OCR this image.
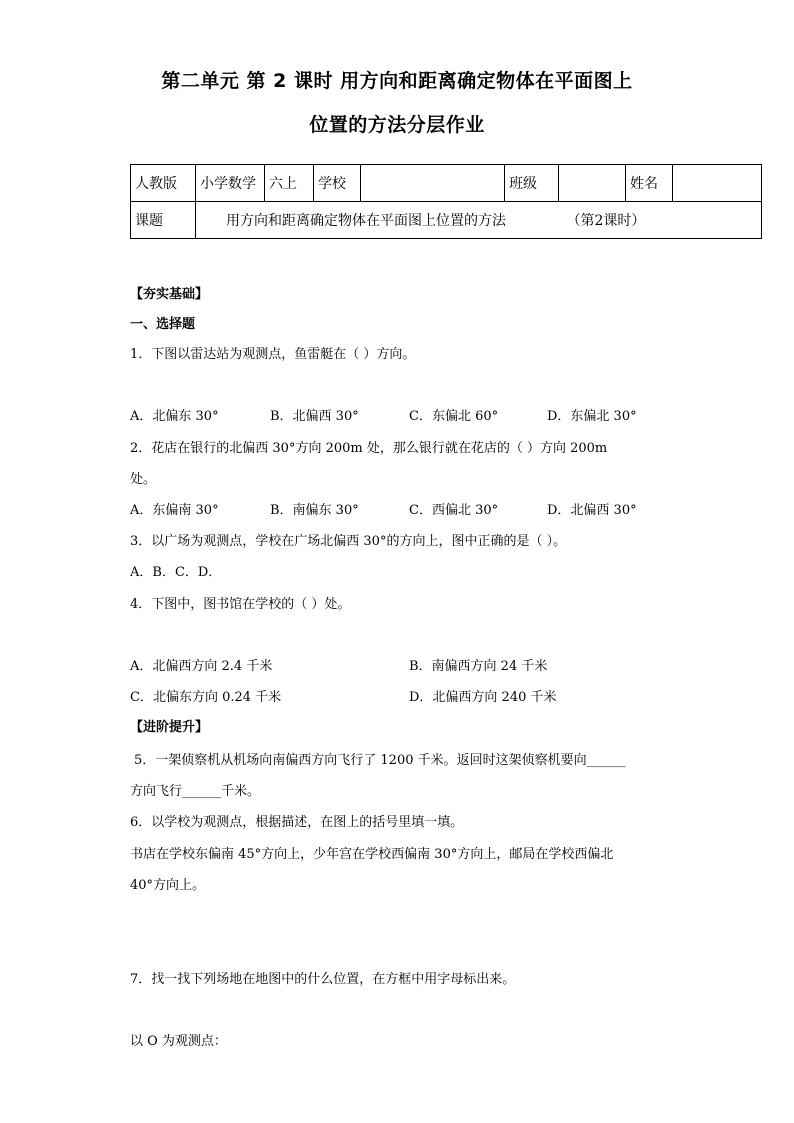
第二单元 第 2 课时 用方向和距离确定物体在平面图上
位置的方法分层作业
人教版	小学数学	六上	学校		班级		姓名	
课题	用方向和距离确定物体在平面图上位置的方法 （第2课时）							
【夯实基础】
一、选择题
1．下图以雷达站为观测点，鱼雷艇在（ ）方向。
A．北偏东 30°	B．北偏西 30°	C．东偏北 60°	D．东偏北 30°
2．花店在银行的北偏西 30°方向 200m 处，那么银行就在花店的（ ）方向 200m
处。
A．东偏南 30°	B．南偏东 30°	C．西偏北 30°	D．北偏西 30°
3．以广场为观测点，学校在广场北偏西 30°的方向上，图中正确的是（ ）。
A．B．C．D．
4．下图中，图书馆在学校的（ ）处。
A．北偏西方向 2.4 千米	B．南偏西方向 24 千米
C．北偏东方向 0.24 千米	D．北偏西方向 240 千米
【进阶提升】
5．一架侦察机从机场向南偏西方向飞行了 1200 千米。返回时这架侦察机要向______
方向飞行______千米。
6．以学校为观测点，根据描述，在图上的括号里填一填。
书店在学校东偏南 45°方向上，少年宫在学校西偏南 30°方向上，邮局在学校西偏北
40°方向上。
7．找一找下列场地在地图中的什么位置，在方框中用字母标出来。
以 O 为观测点：
